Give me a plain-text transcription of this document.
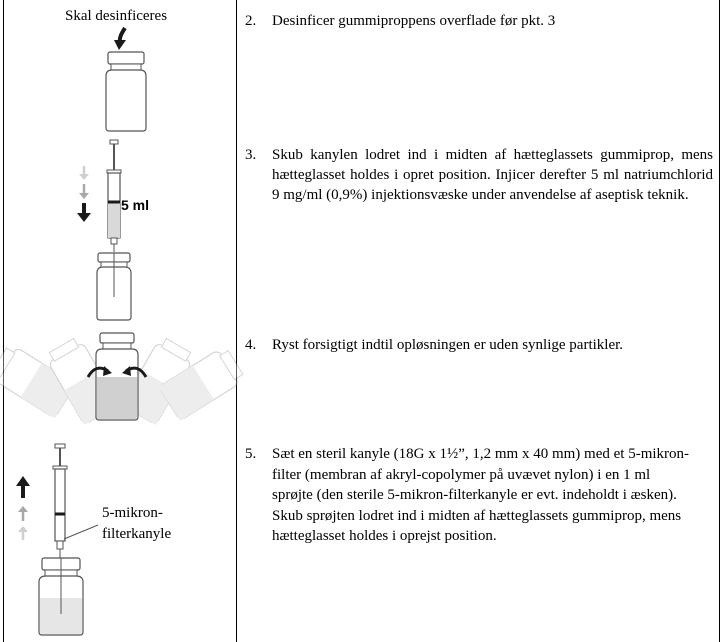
Skal desinficeres
5 ml
5-mikron-
filterkanyle
2. Desinficer gummiproppens overflade før pkt. 3
3. Skub kanylen lodret ind i midten af hætteglassets gummiprop, mens hætteglasset holdes i opret position. Injicer derefter 5 ml natriumchlorid 9 mg/ml (0,9%) injektionsvæske under anvendelse af aseptisk teknik.
4. Ryst forsigtigt indtil opløsningen er uden synlige partikler.
5. Sæt en steril kanyle (18G x 1½”, 1,2 mm x 40 mm) med et 5-mikron-filter (membran af akryl-copolymer på uvævet nylon) i en 1 ml sprøjte (den sterile 5-mikron-filterkanyle er evt. indeholdt i æsken). Skub sprøjten lodret ind i midten af hætteglassets gummiprop, mens hætteglasset holdes i oprejst position.
